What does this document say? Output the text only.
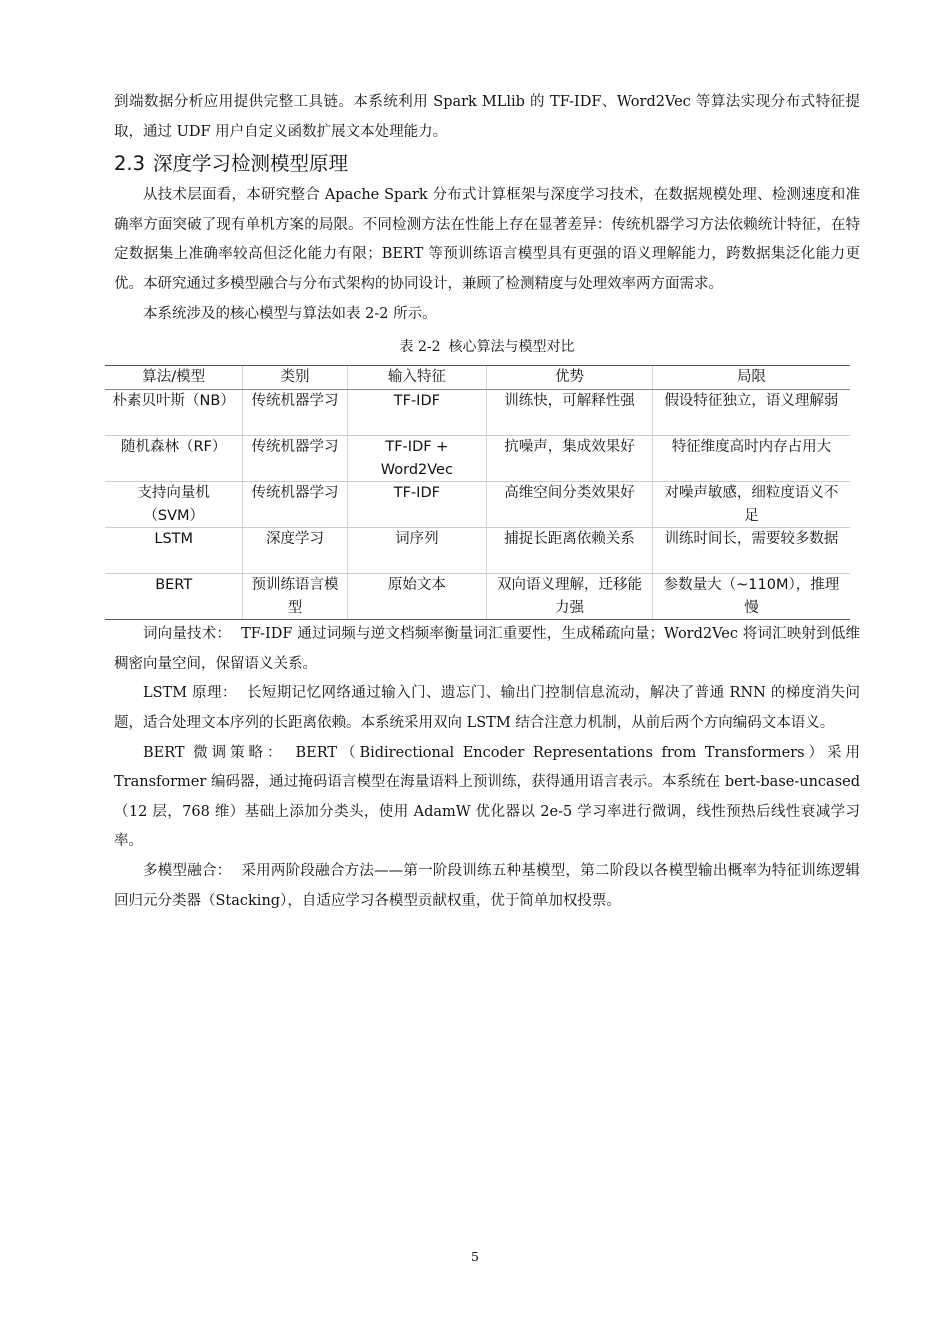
到端数据分析应用提供完整工具链。本系统利用 Spark MLlib 的 TF-IDF、Word2Vec 等算法实现分布式特征提取，通过 UDF 用户自定义函数扩展文本处理能力。

2.3 深度学习检测模型原理

从技术层面看，本研究整合 Apache Spark 分布式计算框架与深度学习技术，在数据规模处理、检测速度和准确率方面突破了现有单机方案的局限。不同检测方法在性能上存在显著差异：传统机器学习方法依赖统计特征，在特定数据集上准确率较高但泛化能力有限；BERT 等预训练语言模型具有更强的语义理解能力，跨数据集泛化能力更优。本研究通过多模型融合与分布式架构的协同设计，兼顾了检测精度与处理效率两方面需求。

本系统涉及的核心模型与算法如表 2-2 所示。

表 2-2 核心算法与模型对比
算法/模型	类别	输入特征	优势	局限
朴素贝叶斯（NB）	传统机器学习	TF-IDF	训练快，可解释性强	假设特征独立，语义理解弱
随机森林（RF）	传统机器学习	TF-IDF + Word2Vec	抗噪声，集成效果好	特征维度高时内存占用大
支持向量机（SVM）	传统机器学习	TF-IDF	高维空间分类效果好	对噪声敏感，细粒度语义不足
LSTM	深度学习	词序列	捕捉长距离依赖关系	训练时间长，需要较多数据
BERT	预训练语言模型	原始文本	双向语义理解，迁移能力强	参数量大（~110M），推理慢

词向量技术： TF-IDF 通过词频与逆文档频率衡量词汇重要性，生成稀疏向量；Word2Vec 将词汇映射到低维稠密向量空间，保留语义关系。

LSTM 原理： 长短期记忆网络通过输入门、遗忘门、输出门控制信息流动，解决了普通 RNN 的梯度消失问题，适合处理文本序列的长距离依赖。本系统采用双向 LSTM 结合注意力机制，从前后两个方向编码文本语义。

BERT 微调策略： BERT（Bidirectional Encoder Representations from Transformers）采用 Transformer 编码器，通过掩码语言模型在海量语料上预训练，获得通用语言表示。本系统在 bert-base-uncased（12 层，768 维）基础上添加分类头，使用 AdamW 优化器以 2e-5 学习率进行微调，线性预热后线性衰减学习率。

多模型融合： 采用两阶段融合方法——第一阶段训练五种基模型，第二阶段以各模型输出概率为特征训练逻辑回归元分类器（Stacking），自适应学习各模型贡献权重，优于简单加权投票。

5
